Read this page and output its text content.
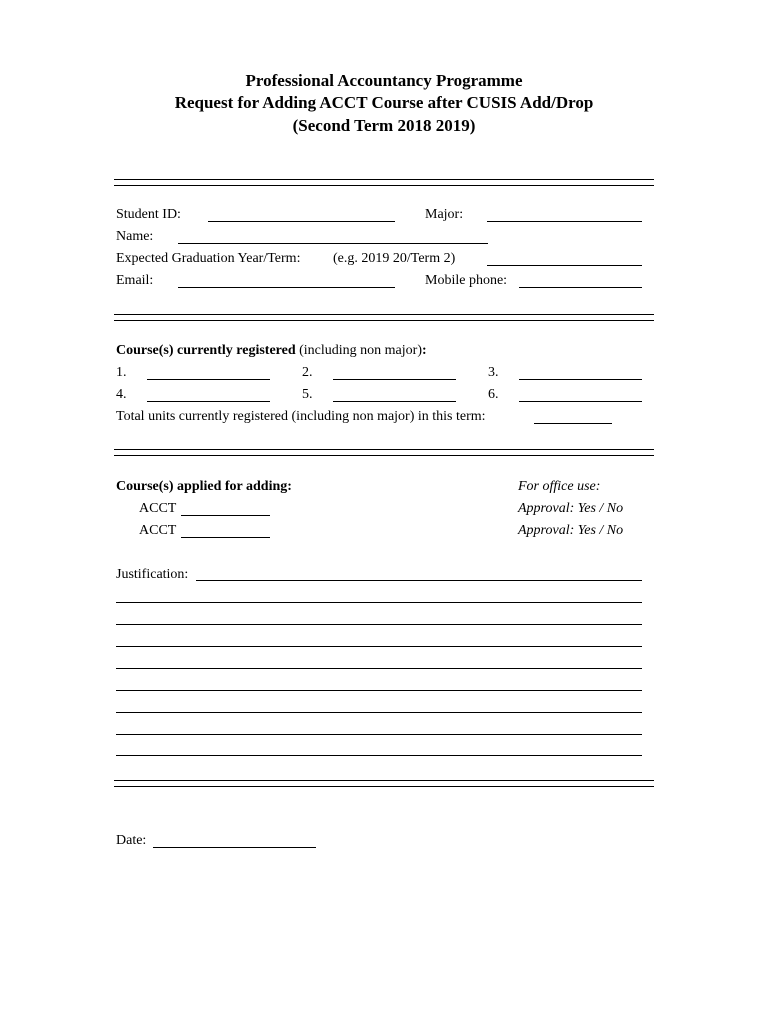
Professional Accountancy Programme
Request for Adding ACCT Course after CUSIS Add/Drop
(Second Term 2018 2019)
Student ID:	Major:
Name:
Expected Graduation Year/Term: (e.g. 2019 20/Term 2)
Email:	Mobile phone:
Course(s) currently registered (including non major):
1.	2.	3.
4.	5.	6.
Total units currently registered (including non major) in this term:
Course(s) applied for adding:	For office use:
ACCT	Approval: Yes / No
ACCT	Approval: Yes / No
Justification:
Date:
